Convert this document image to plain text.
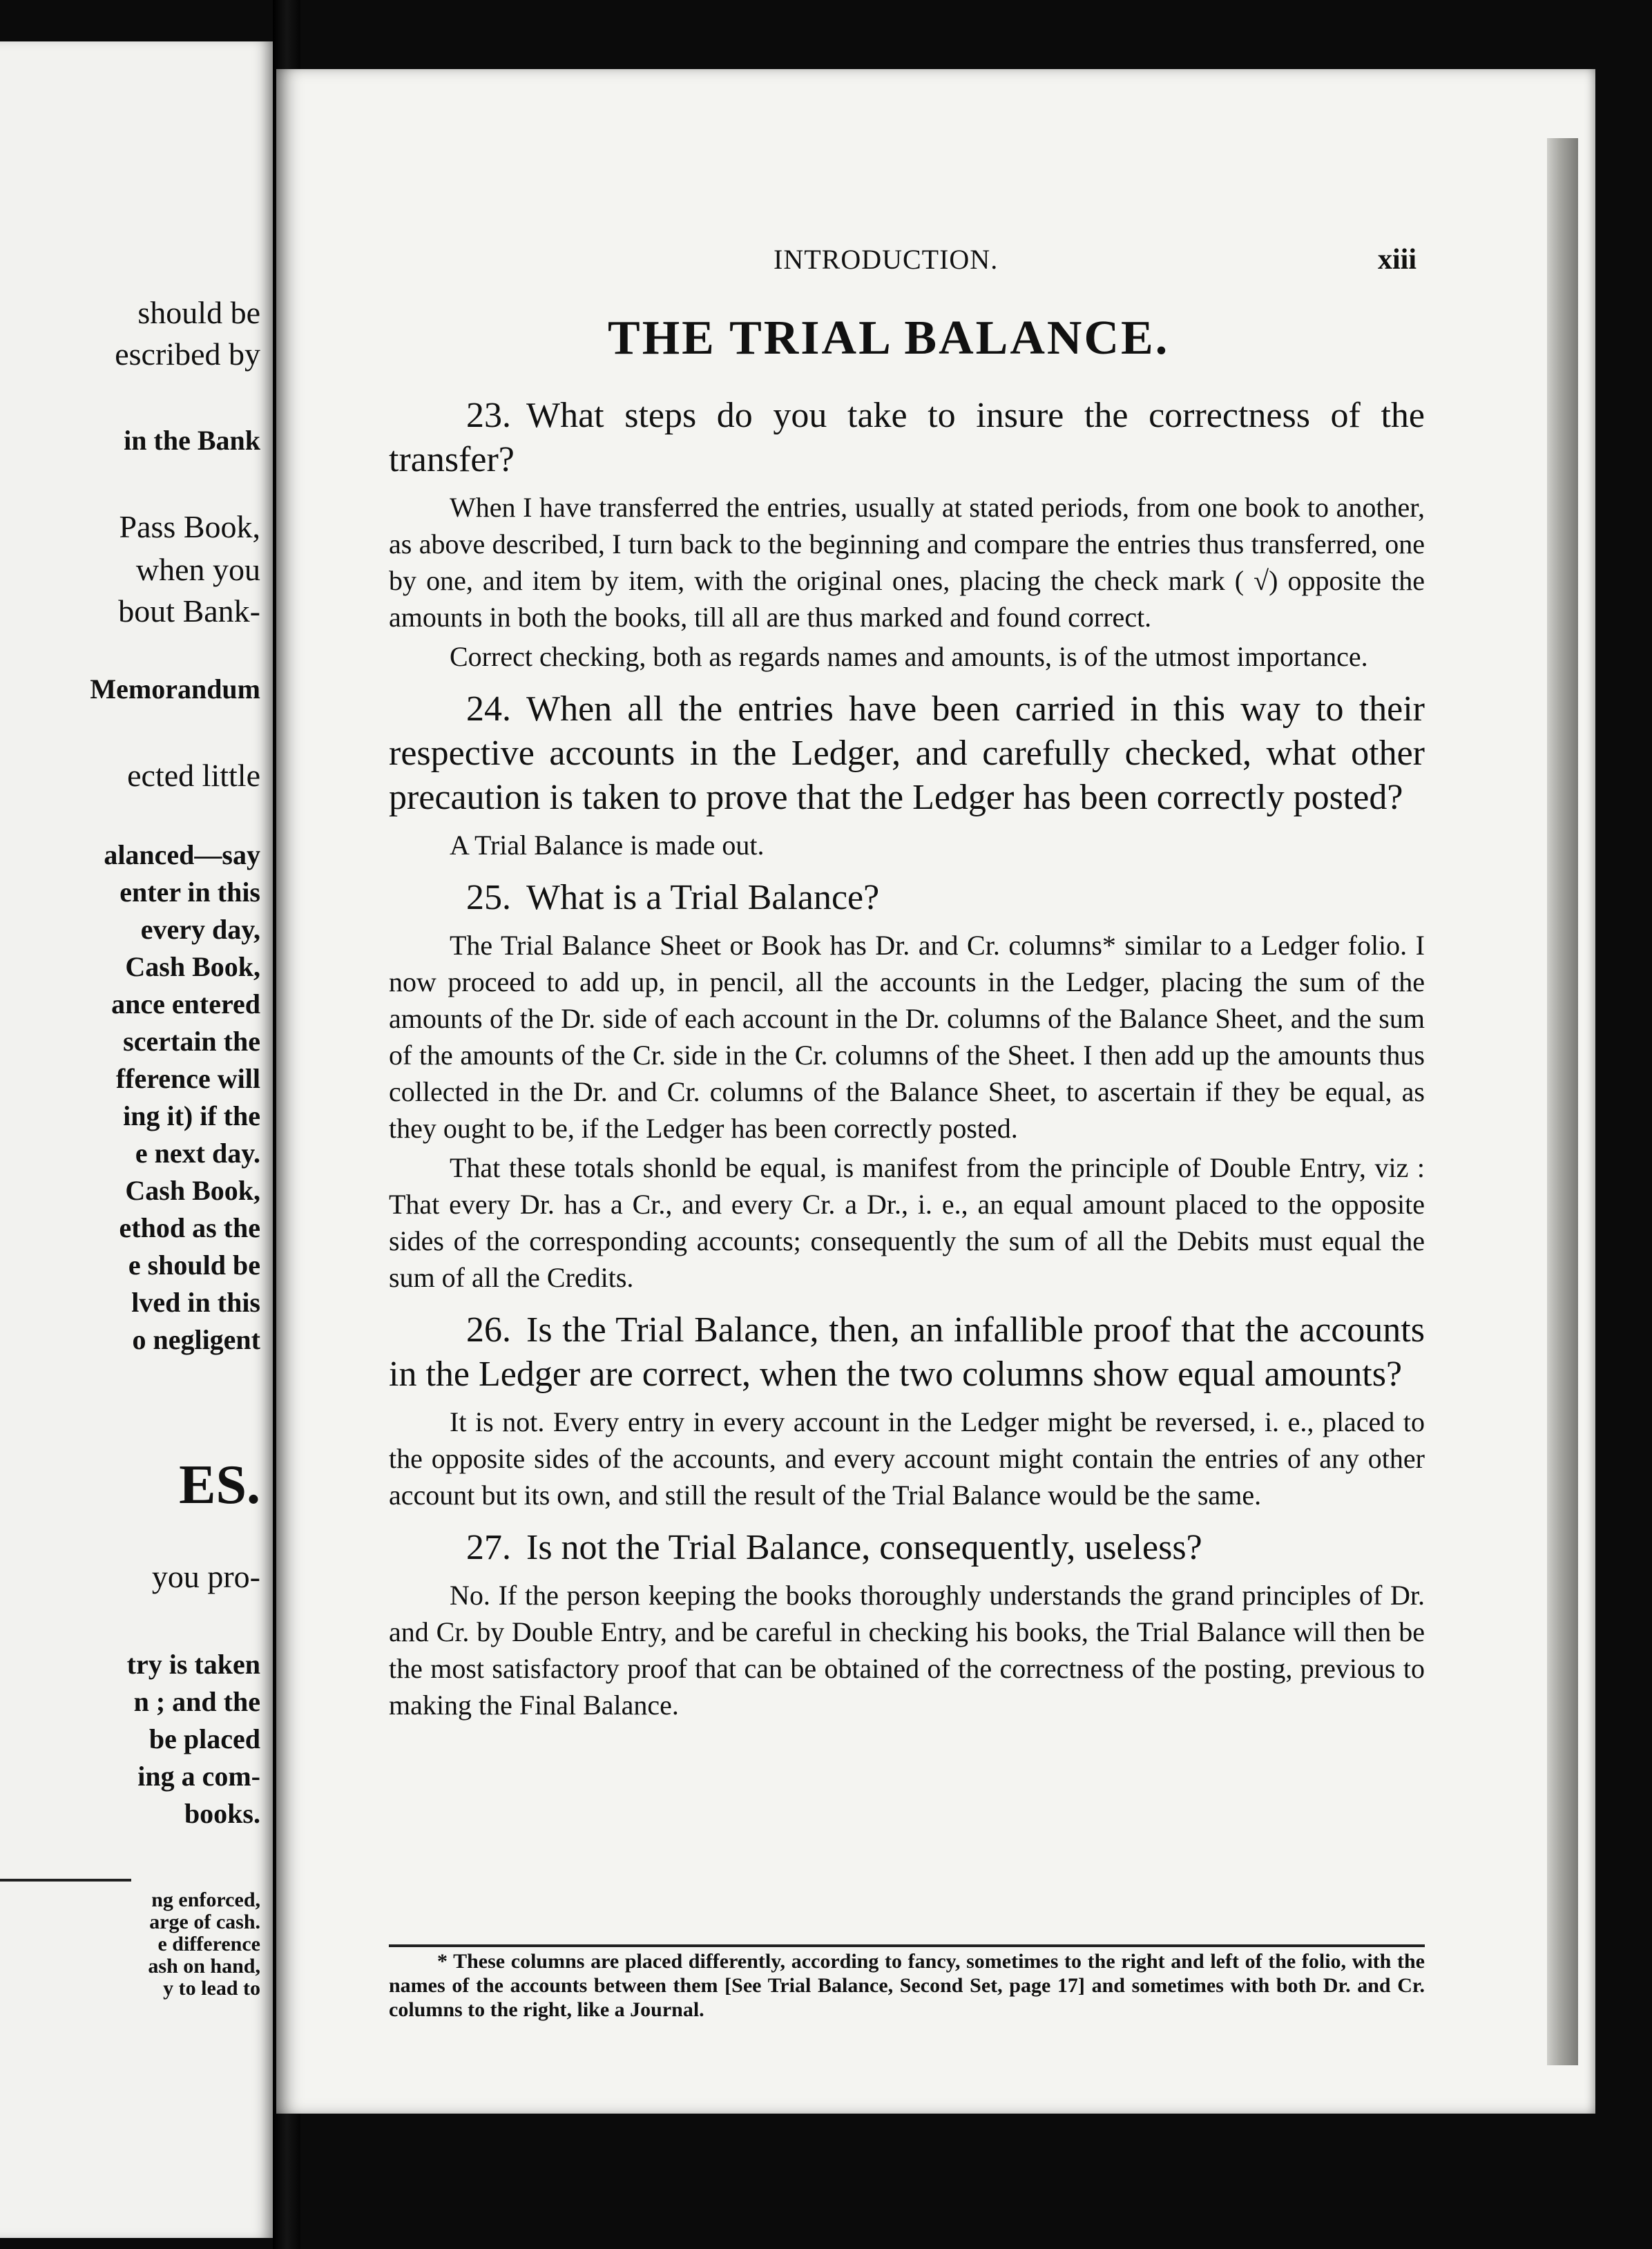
should be
escribed by
in the Bank
Pass Book,
when you
bout Bank-
Memorandum
ected little
alanced—say
enter in this
every day,
Cash Book,
ance entered
scertain the
fference will
ing it) if the
e next day.
Cash Book,
ethod as the
e should be
lved in this
o negligent
ES.
you pro-
try is taken
n ; and the
be placed
ing a com-
books.
ng enforced,
arge of cash.
e difference
ash on hand,
y to lead to
INTRODUCTION.	xiii
THE TRIAL BALANCE.

23. What steps do you take to insure the correctness of the transfer?

When I have transferred the entries, usually at stated periods, from one book to another, as above described, I turn back to the beginning and compare the entries thus transferred, one by one, and item by item, with the original ones, placing the check mark ( √) opposite the amounts in both the books, till all are thus marked and found correct.

Correct checking, both as regards names and amounts, is of the utmost importance.

24. When all the entries have been carried in this way to their respective accounts in the Ledger, and carefully checked, what other precaution is taken to prove that the Ledger has been correctly posted?

A Trial Balance is made out.

25. What is a Trial Balance?

The Trial Balance Sheet or Book has Dr. and Cr. columns* similar to a Ledger folio. I now proceed to add up, in pencil, all the accounts in the Ledger, placing the sum of the amounts of the Dr. side of each account in the Dr. columns of the Balance Sheet, and the sum of the amounts of the Cr. side in the Cr. columns of the Sheet. I then add up the amounts thus collected in the Dr. and Cr. columns of the Balance Sheet, to ascertain if they be equal, as they ought to be, if the Ledger has been correctly posted.

That these totals shonld be equal, is manifest from the principle of Double Entry, viz : That every Dr. has a Cr., and every Cr. a Dr., i. e., an equal amount placed to the opposite sides of the corresponding accounts; consequently the sum of all the Debits must equal the sum of all the Credits.

26. Is the Trial Balance, then, an infallible proof that the accounts in the Ledger are correct, when the two columns show equal amounts?

It is not. Every entry in every account in the Ledger might be reversed, i. e., placed to the opposite sides of the accounts, and every account might contain the entries of any other account but its own, and still the result of the Trial Balance would be the same.

27. Is not the Trial Balance, consequently, useless?

No. If the person keeping the books thoroughly understands the grand principles of Dr. and Cr. by Double Entry, and be careful in checking his books, the Trial Balance will then be the most satisfactory proof that can be obtained of the correctness of the posting, previous to making the Final Balance.

* These columns are placed differently, according to fancy, sometimes to the right and left of the folio, with the names of the accounts between them [See Trial Balance, Second Set, page 17] and sometimes with both Dr. and Cr. columns to the right, like a Journal.
